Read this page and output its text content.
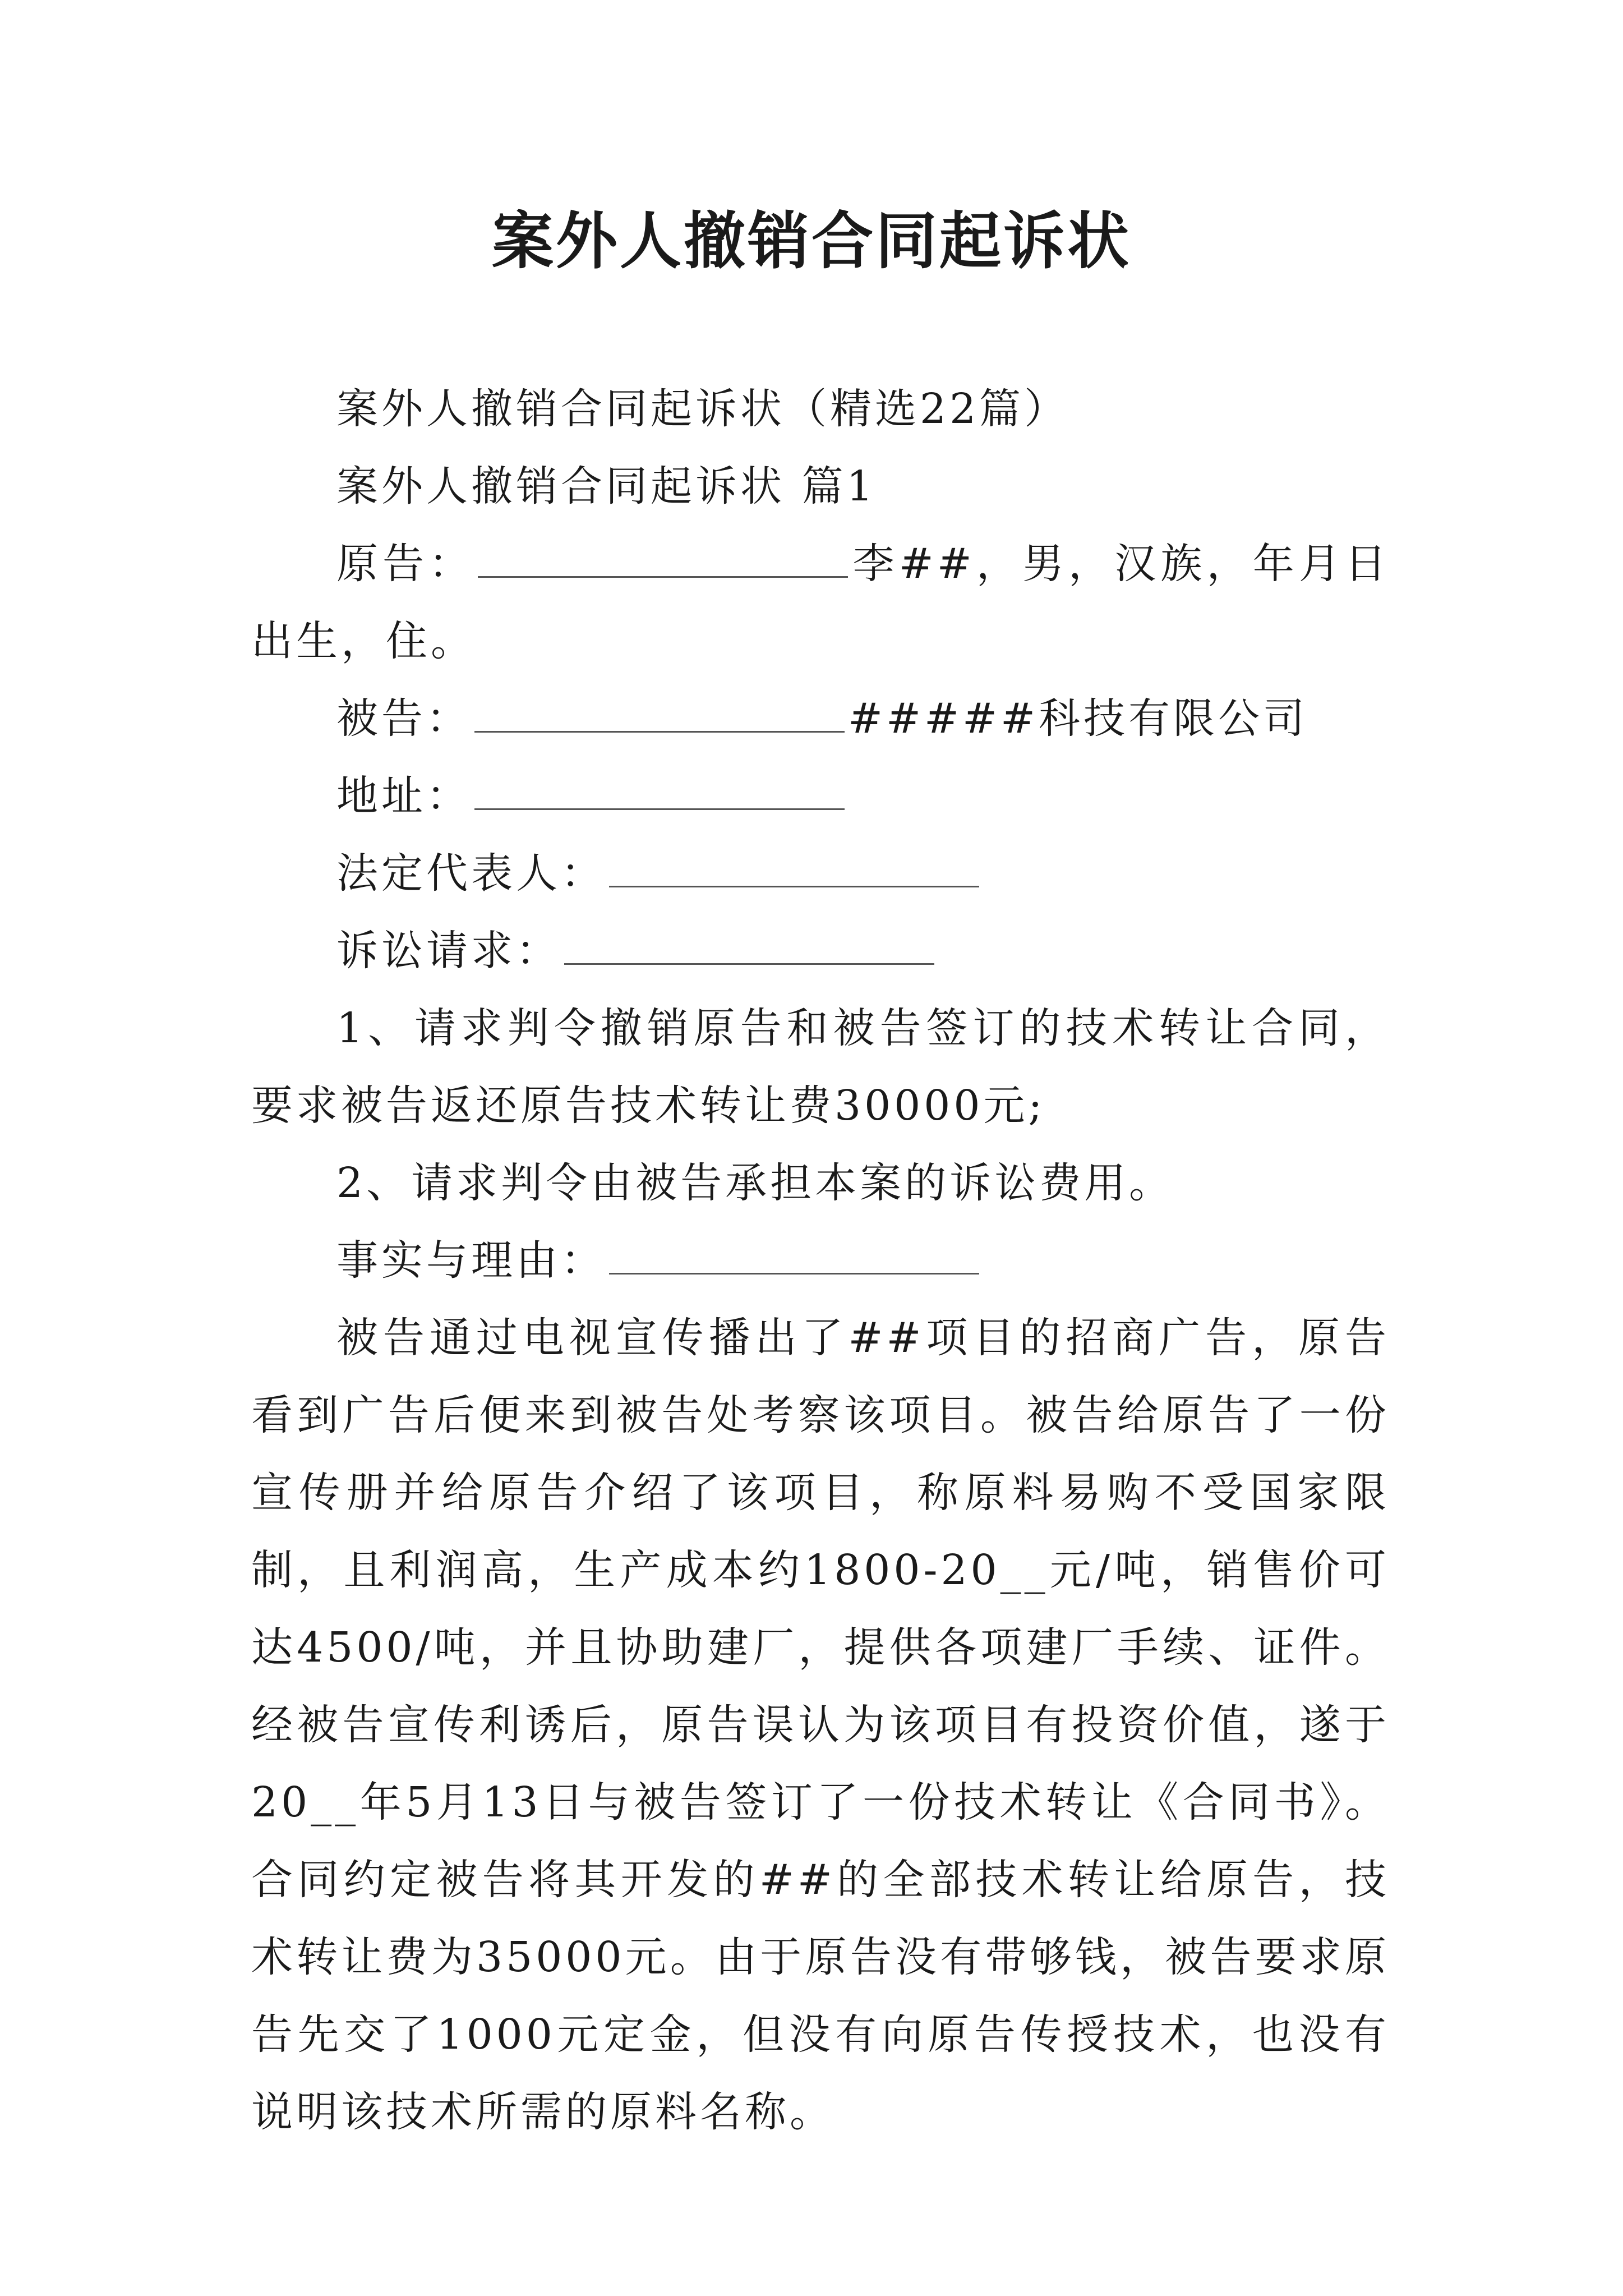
案外人撤销合同起诉状

案外人撤销合同起诉状（精选22篇）

案外人撤销合同起诉状 篇1

原告：	李##，男，汉族，年月日出生，住。

被告：	#####科技有限公司

地址：

法定代表人：

诉讼请求：

1、请求判令撤销原告和被告签订的技术转让合同，要求被告返还原告技术转让费30000元;

2、请求判令由被告承担本案的诉讼费用。

事实与理由：

被告通过电视宣传播出了##项目的招商广告，原告看到广告后便来到被告处考察该项目。被告给原告了一份宣传册并给原告介绍了该项目，称原料易购不受国家限制，且利润高，生产成本约1800-20__元/吨，销售价可达4500/吨，并且协助建厂，提供各项建厂手续、证件。经被告宣传利诱后，原告误认为该项目有投资价值，遂于20__年5月13日与被告签订了一份技术转让《合同书》。合同约定被告将其开发的##的全部技术转让给原告，技术转让费为35000元。由于原告没有带够钱，被告要求原告先交了1000元定金，但没有向原告传授技术，也没有说明该技术所需的原料名称。
